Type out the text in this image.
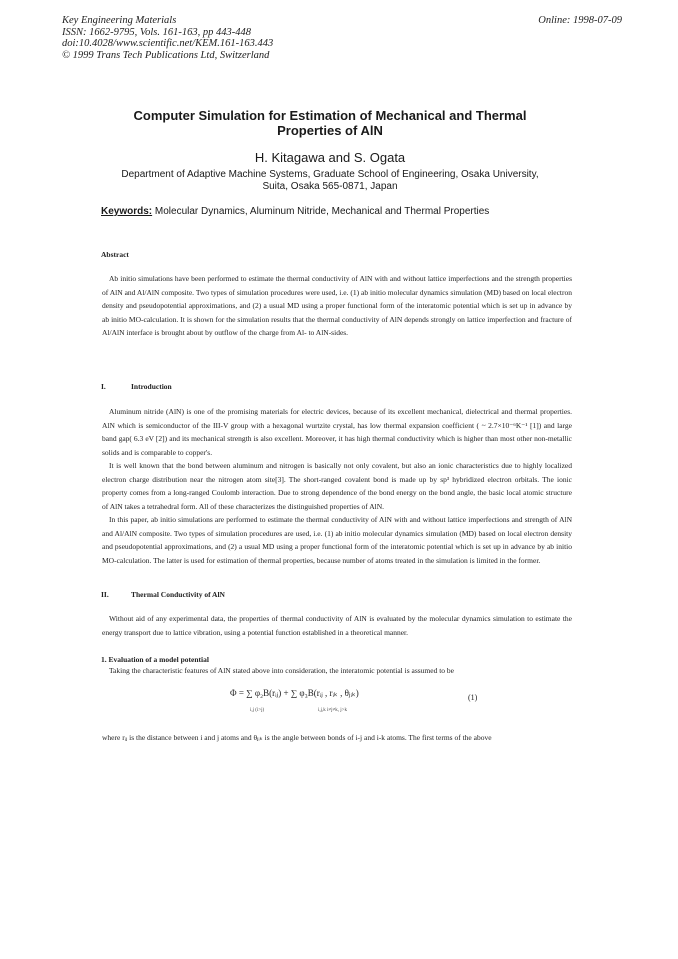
Key Engineering Materials
ISSN: 1662-9795, Vols. 161-163, pp 443-448
doi:10.4028/www.scientific.net/KEM.161-163.443
© 1999 Trans Tech Publications Ltd, Switzerland
Online: 1998-07-09
Computer Simulation for Estimation of Mechanical and Thermal
Properties of AlN
H. Kitagawa and S. Ogata
Department of Adaptive Machine Systems, Graduate School of Engineering, Osaka University,
Suita, Osaka 565-0871, Japan
Keywords: Molecular Dynamics, Aluminum Nitride, Mechanical and Thermal Properties
Abstract

Ab initio simulations have been performed to estimate the thermal conductivity of AlN with and without lattice imperfections and the strength properties of AlN and Al/AlN composite. Two types of simulation procedures were used, i.e. (1) ab initio molecular dynamics simulation (MD) based on local electron density and pseudopotential approximations, and (2) a usual MD using a proper functional form of the interatomic potential which is set up in advance by ab initio MO-calculation. It is shown for the simulation results that the thermal conductivity of AlN depends strongly on lattice imperfection and fracture of Al/AlN interface is brought about by outflow of the charge from Al- to AlN-sides.

I.	Introduction

Aluminum nitride (AlN) is one of the promising materials for electric devices, because of its excellent mechanical, dielectrical and thermal properties. AlN which is semiconductor of the III-V group with a hexagonal wurtzite crystal, has low thermal expansion coefficient ( ~ 2.7×10⁻⁶K⁻¹ [1]) and large band gap( 6.3 eV [2]) and its mechanical strength is also excellent. Moreover, it has high thermal conductivity which is higher than most other non-metallic solids and is comparable to copper's.

It is well known that the bond between aluminum and nitrogen is basically not only covalent, but also an ionic characteristics due to highly localized electron charge distribution near the nitrogen atom site[3]. The short-ranged covalent bond is made up by sp³ hybridized electron orbitals. The ionic property comes from a long-ranged Coulomb interaction. Due to strong dependence of the bond energy on the bond angle, the basic local atomic structure of AlN takes a tetrahedral form. All of these characterizes the distinguished properties of AlN.

In this paper, ab initio simulations are performed to estimate the thermal conductivity of AlN with and without lattice imperfections and strength of AlN and Al/AlN composite. Two types of simulation procedures are used, i.e. (1) ab initio molecular dynamics simulation (MD) based on local electron density and pseudopotential approximations, and (2) a usual MD using a proper functional form of the interatomic potential which is set up in advance by ab initio MO-calculation. The latter is used for estimation of thermal properties, because number of atoms treated in the simulation is limited in the former.

II.	Thermal Conductivity of AlN

Without aid of any experimental data, the properties of thermal conductivity of AlN is evaluated by the molecular dynamics simulation to estimate the energy transport due to lattice vibration, using a potential function established in a theoretical manner.

1. Evaluation of a model potential

Taking the characteristic features of AlN stated above into consideration, the interatomic potential is assumed to be

Φ = ∑ φ₂B(rᵢⱼ) + ∑ φ₃B(rᵢⱼ , rᵢₖ , θⱼᵢₖ)
i,j (i>j)	i,j,k i≠j≠k, j>k
(1)

where rᵢⱼ is the distance between i and j atoms and θⱼᵢₖ is the angle between bonds of i-j and i-k atoms. The first terms of the above
